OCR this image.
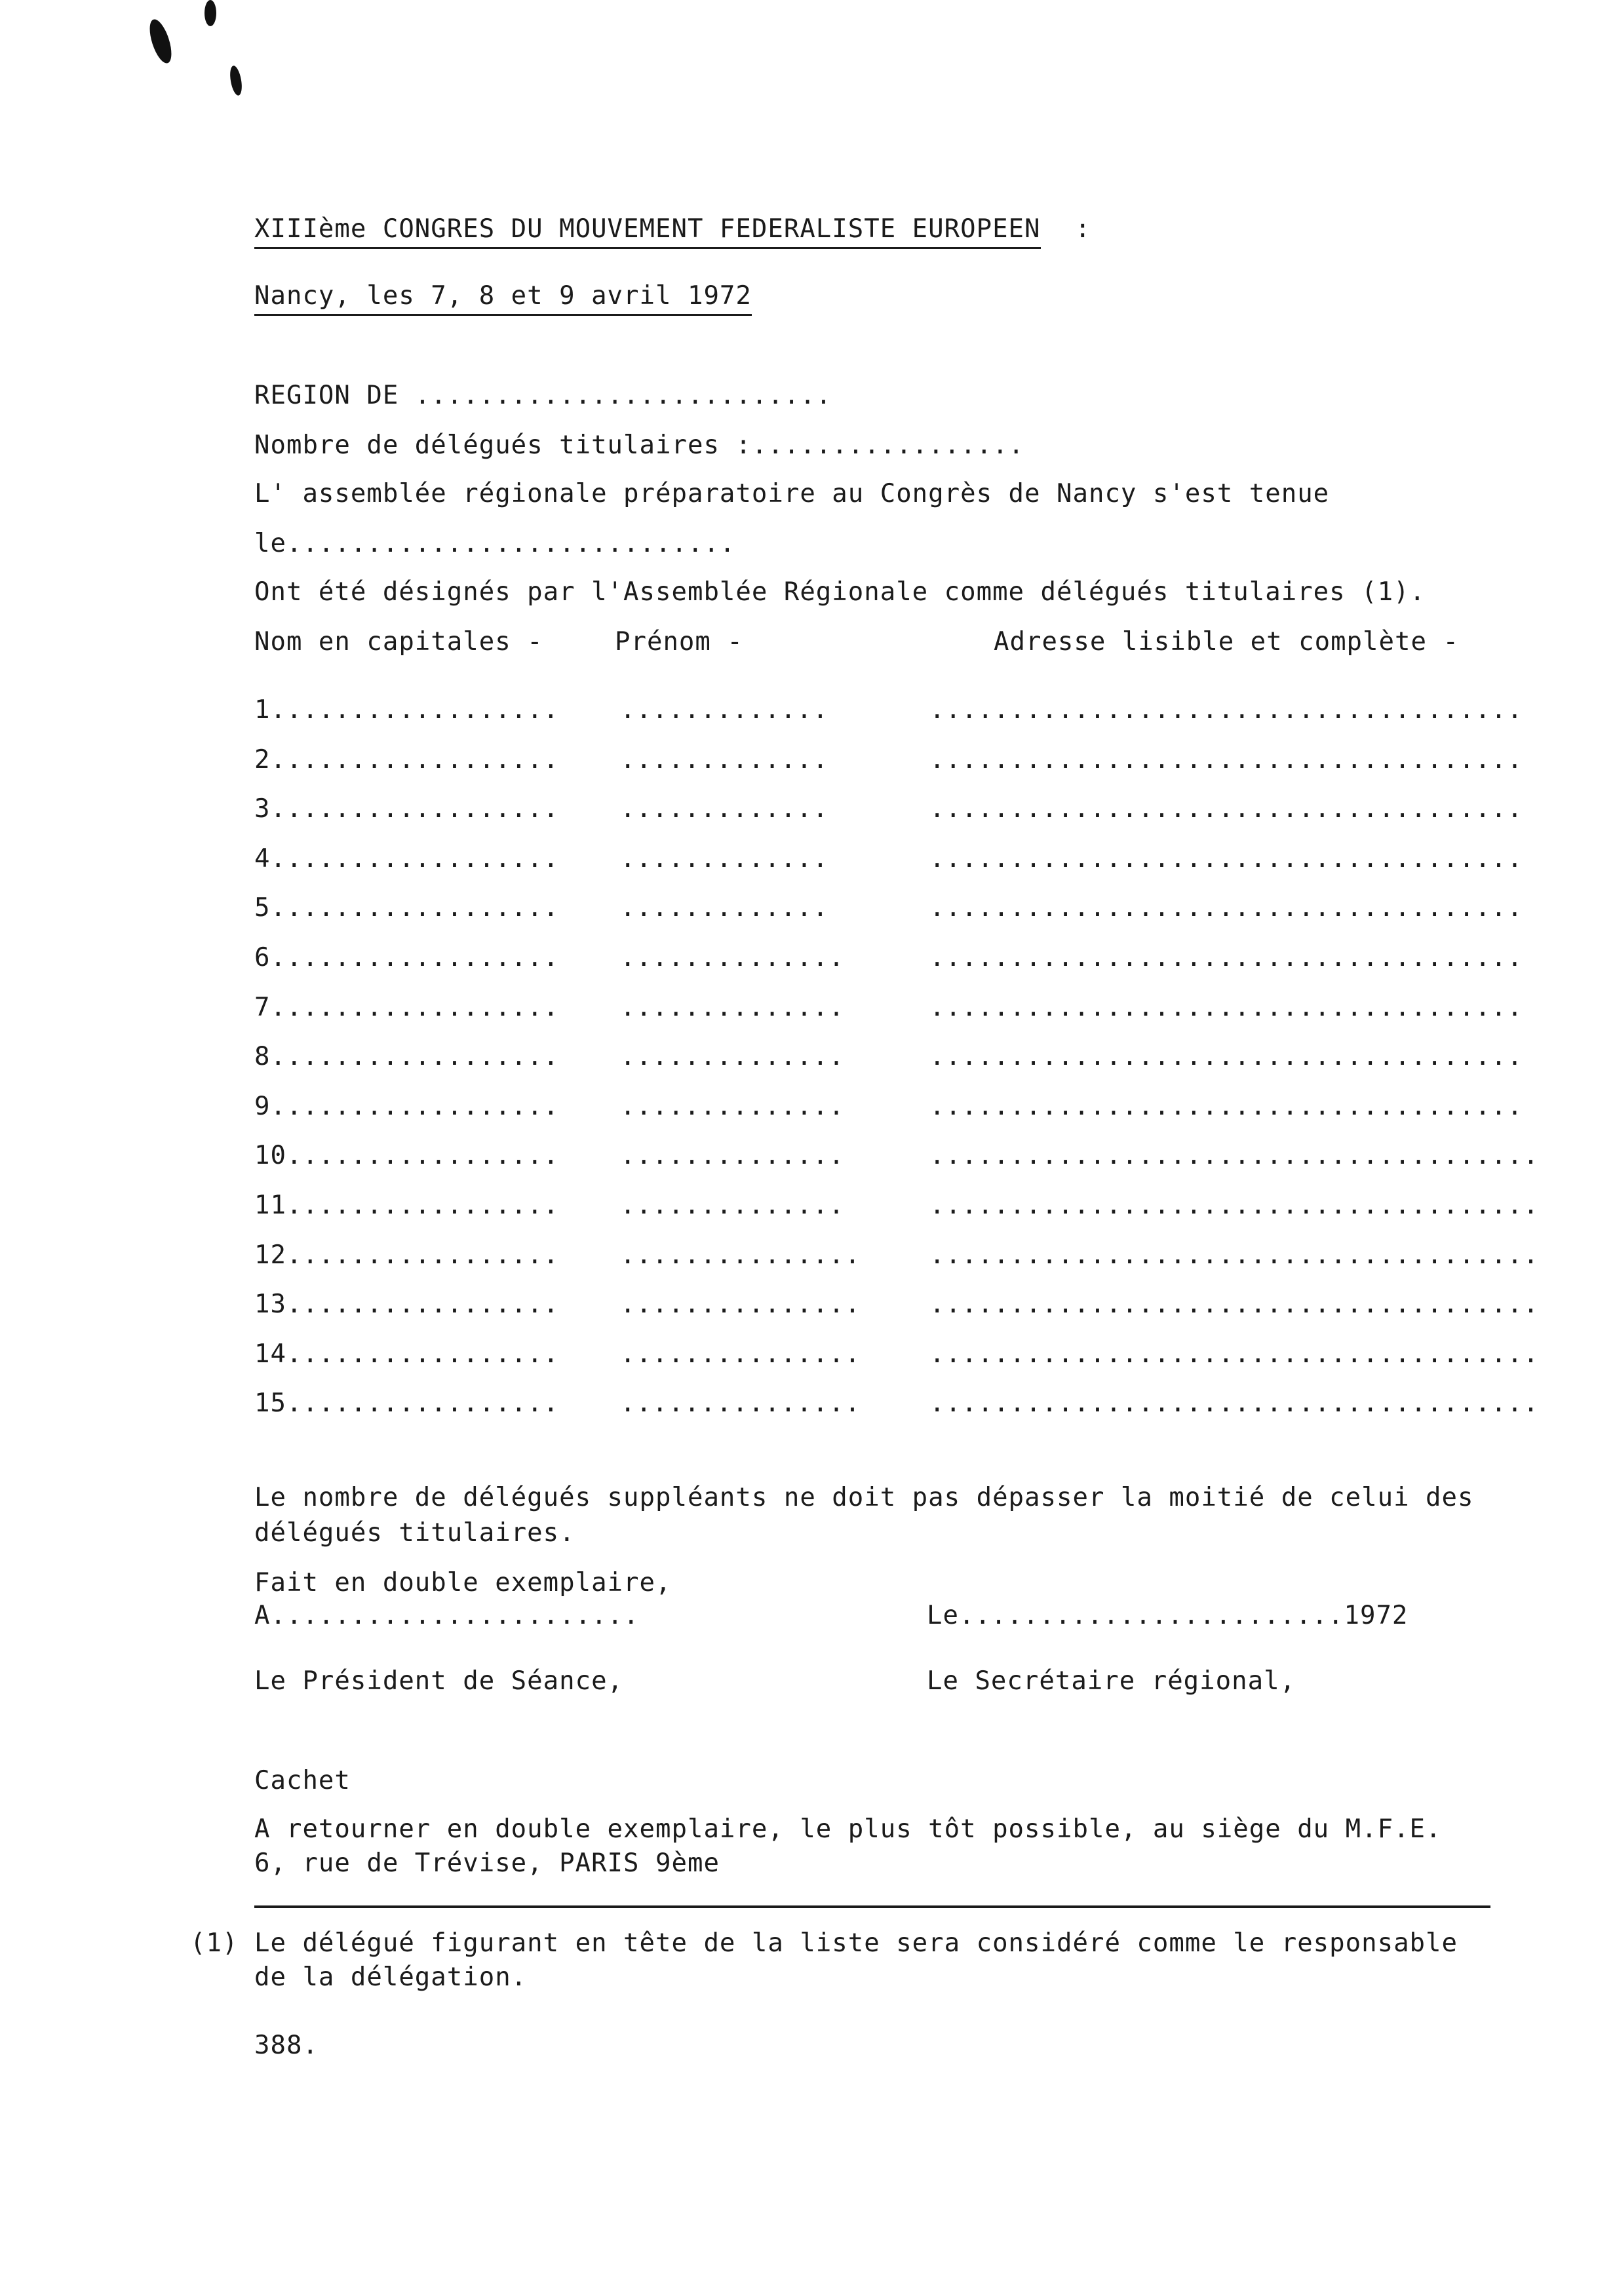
XIIIème CONGRES DU MOUVEMENT FEDERALISTE EUROPEEN :
Nancy, les 7, 8 et 9 avril 1972
REGION DE ..........................
Nombre de délégués titulaires :.................
L' assemblée régionale préparatoire au Congrès de Nancy s'est tenue
le............................
Ont été désignés par l'Assemblée Régionale comme délégués titulaires (1).
Nom en capitales -	Prénom -	Adresse lisible et complète -
1.................. .............	.....................................
2.................. .............	.....................................
3.................. .............	.....................................
4.................. .............	.....................................
5.................. .............	.....................................
6.................. ..............	.....................................
7.................. ..............	.....................................
8.................. ..............	.....................................
9.................. ..............	.....................................
10................. ..............	......................................
11................. ..............	......................................
12................. ...............	......................................
13................. ...............	......................................
14................. ...............	......................................
15................. ...............	......................................
Le nombre de délégués suppléants ne doit pas dépasser la moitié de celui des
délégués titulaires.
Fait en double exemplaire,
A.......................	Le........................1972
Le Président de Séance,	Le Secrétaire régional,
Cachet
A retourner en double exemplaire, le plus tôt possible, au siège du M.F.E.
6, rue de Trévise, PARIS 9ème
(1) Le délégué figurant en tête de la liste sera considéré comme le responsable
de la délégation.
388.
